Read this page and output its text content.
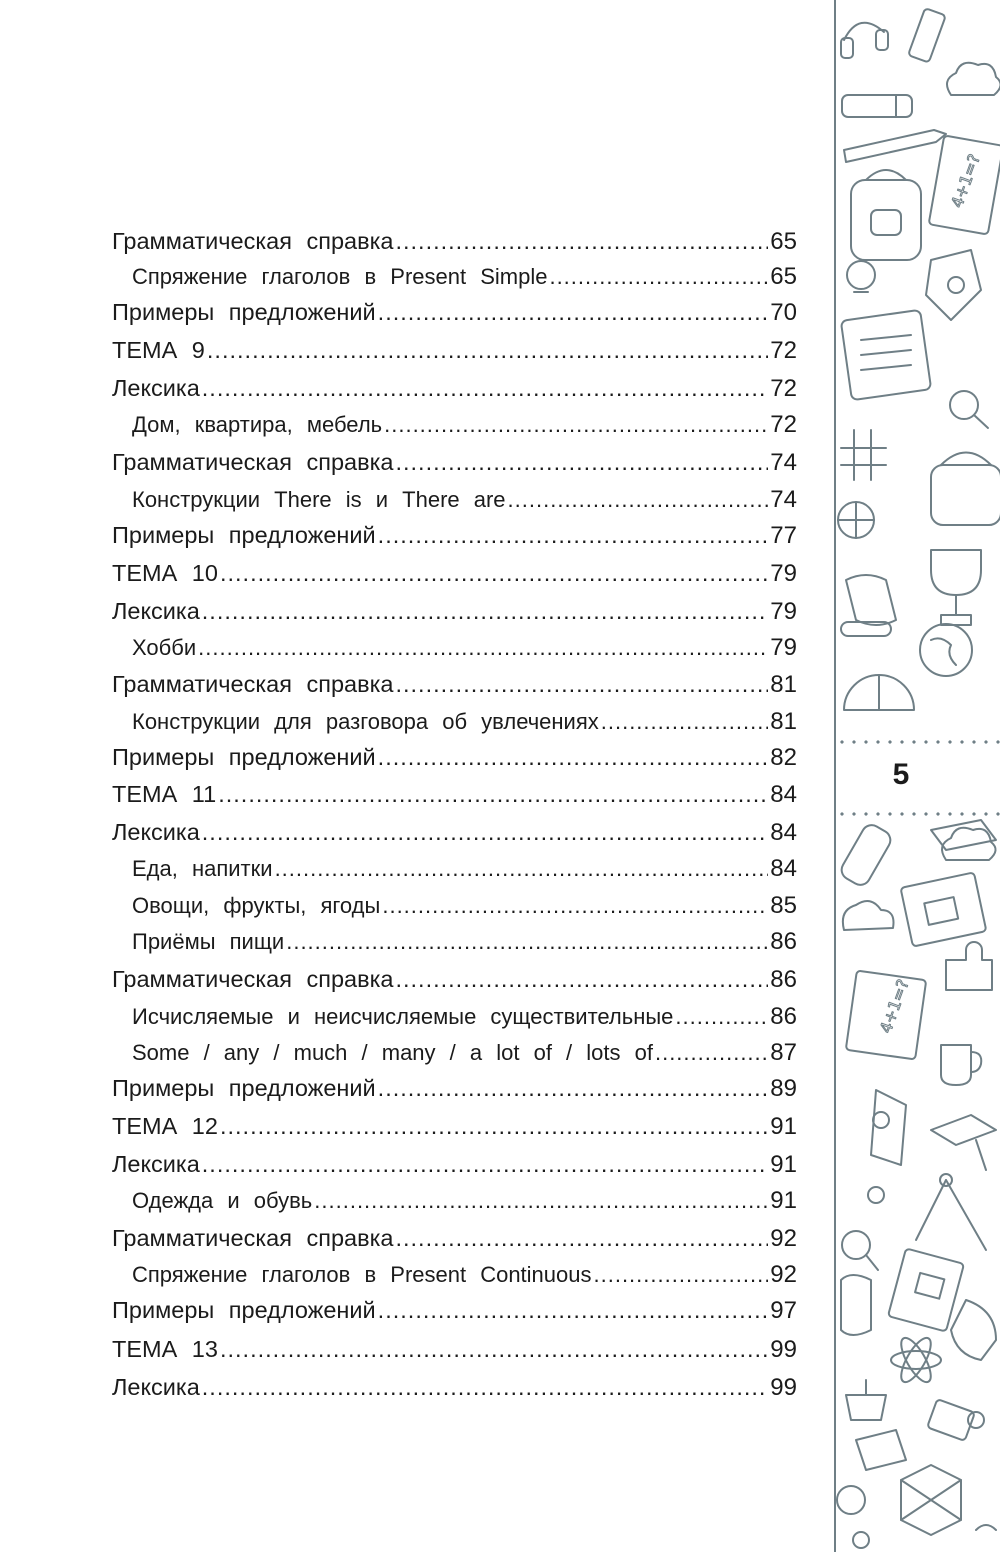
Грамматическая справка .....	65
Спряжение глаголов в Present Simple .....	65
Примеры предложений .....	70
ТЕМА 9 .....	72
Лексика .....	72
Дом, квартира, мебель .....	72
Грамматическая справка .....	74
Конструкции There is и There are .....	74
Примеры предложений .....	77
ТЕМА 10 .....	79
Лексика .....	79
Хобби .....	79
Грамматическая справка .....	81
Конструкции для разговора об увлечениях .....	81
Примеры предложений .....	82
ТЕМА 11 .....	84
Лексика .....	84
Еда, напитки .....	84
Овощи, фрукты, ягоды .....	85
Приёмы пищи .....	86
Грамматическая справка .....	86
Исчисляемые и неисчисляемые существительные .....	86
Some / any / much / many / a lot of / lots of .....	87
Примеры предложений .....	89
ТЕМА 12 .....	91
Лексика .....	91
Одежда и обувь .....	91
Грамматическая справка .....	92
Спряжение глаголов в Present Continuous .....	92
Примеры предложений .....	97
ТЕМА 13 .....	99
Лексика .....	99
4+1=?
4+1=?
5
